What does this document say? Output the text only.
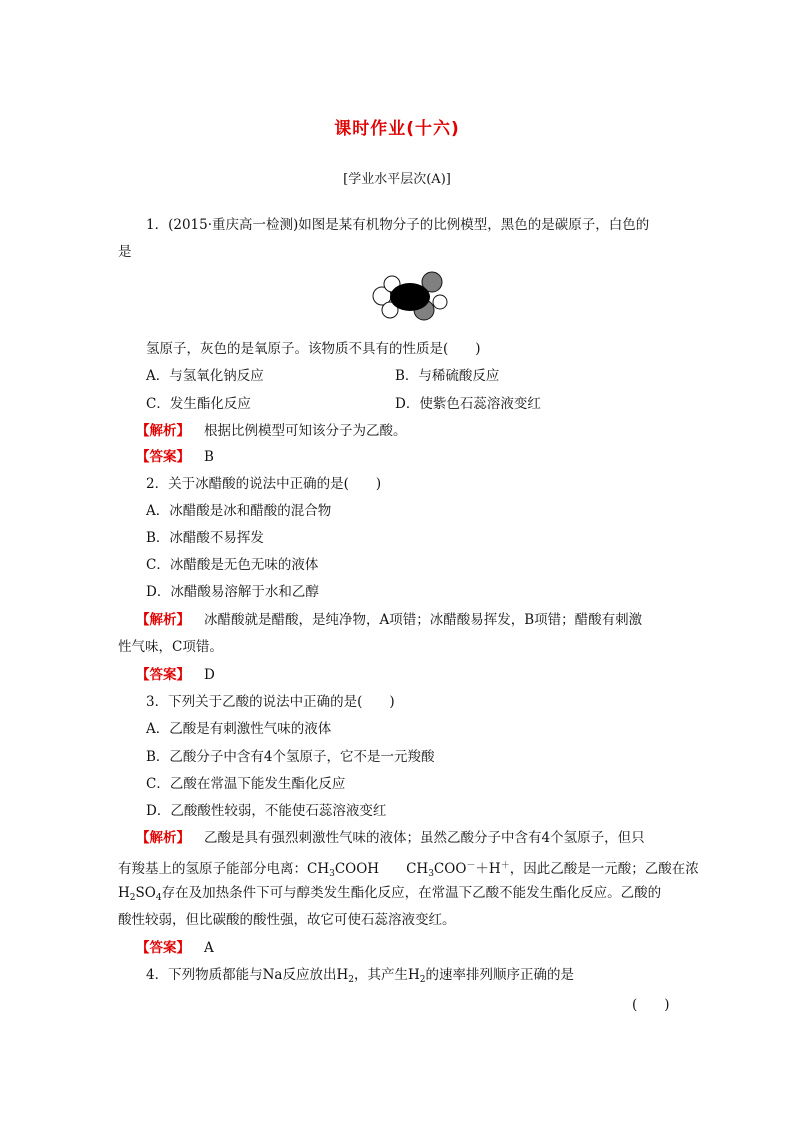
课时作业(十六)
[学业水平层次(A)]
1．(2015·重庆高一检测)如图是某有机物分子的比例模型，黑色的是碳原子，白色的
是
氢原子，灰色的是氧原子。该物质不具有的性质是(　　)
A．与氢氧化钠反应	B．与稀硫酸反应
C．发生酯化反应	D．使紫色石蕊溶液变红
【解析】 根据比例模型可知该分子为乙酸。
【答案】 B
2．关于冰醋酸的说法中正确的是(　　)
A．冰醋酸是冰和醋酸的混合物
B．冰醋酸不易挥发
C．冰醋酸是无色无味的液体
D．冰醋酸易溶解于水和乙醇
【解析】 冰醋酸就是醋酸，是纯净物，A项错；冰醋酸易挥发，B项错；醋酸有刺激
性气味，C项错。
【答案】 D
3．下列关于乙酸的说法中正确的是(　　)
A．乙酸是有刺激性气味的液体
B．乙酸分子中含有4个氢原子，它不是一元羧酸
C．乙酸在常温下能发生酯化反应
D．乙酸酸性较弱，不能使石蕊溶液变红
【解析】 乙酸是具有强烈刺激性气味的液体；虽然乙酸分子中含有4个氢原子，但只
有羧基上的氢原子能部分电离：$CH_3COOH$　　$CH_3COO^-+H^+$，因此乙酸是一元酸；乙酸在浓
$H_2SO_4$存在及加热条件下可与醇类发生酯化反应，在常温下乙酸不能发生酯化反应。乙酸的
酸性较弱，但比碳酸的酸性强，故它可使石蕊溶液变红。
【答案】 A
4．下列物质都能与Na反应放出$H_2$，其产生$H_2$的速率排列顺序正确的是
(　　)
